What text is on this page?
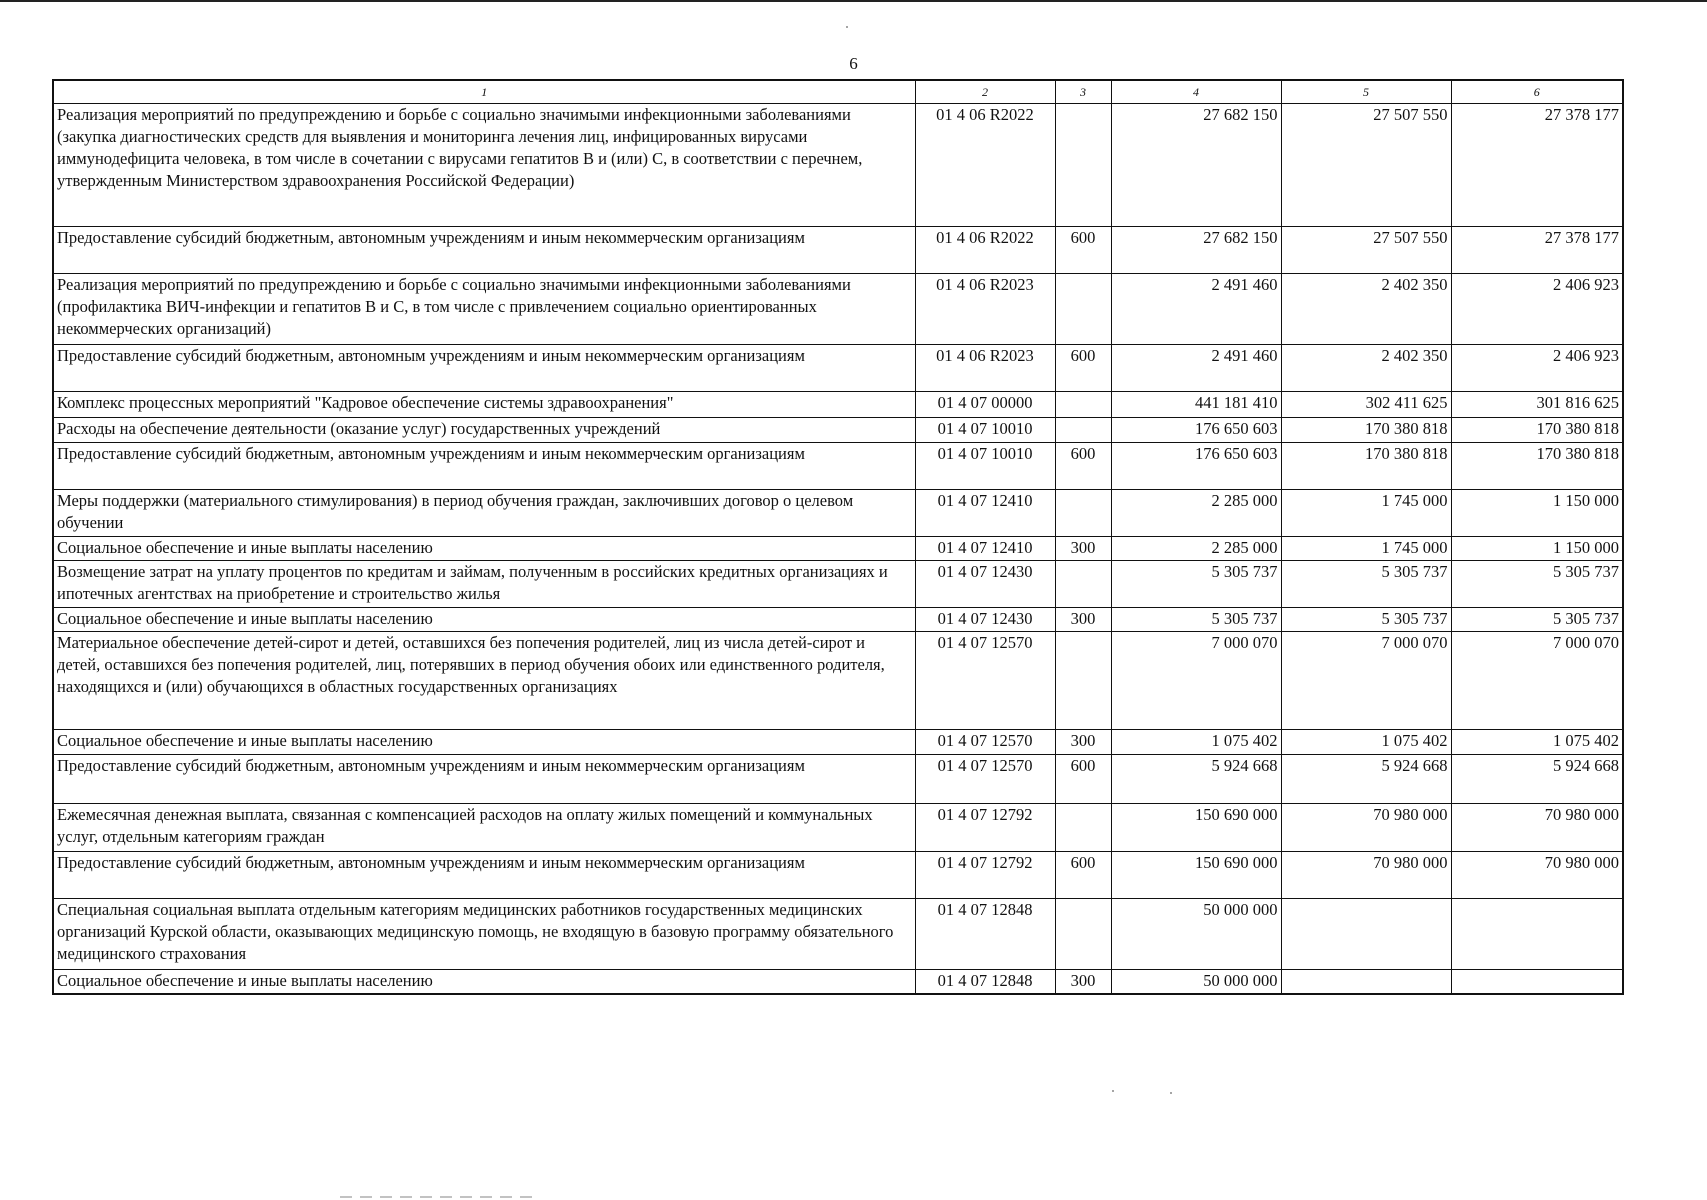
6
1	2	3	4	5	6
Реализация мероприятий по предупреждению и борьбе с социально значимыми инфекционными заболеваниями (закупка диагностических средств для выявления и мониторинга лечения лиц, инфицированных вирусами иммунодефицита человека, в том числе в сочетании с вирусами гепатитов В и (или) С, в соответствии с перечнем, утвержденным Министерством здравоохранения Российской Федерации)	01 4 06 R2022		27 682 150	27 507 550	27 378 177
Предоставление субсидий бюджетным, автономным учреждениям и иным некоммерческим организациям	01 4 06 R2022	600	27 682 150	27 507 550	27 378 177
Реализация мероприятий по предупреждению и борьбе с социально значимыми инфекционными заболеваниями (профилактика ВИЧ-инфекции и гепатитов В и С, в том числе с привлечением социально ориентированных некоммерческих организаций)	01 4 06 R2023		2 491 460	2 402 350	2 406 923
Предоставление субсидий бюджетным, автономным учреждениям и иным некоммерческим организациям	01 4 06 R2023	600	2 491 460	2 402 350	2 406 923
Комплекс процессных мероприятий "Кадровое обеспечение системы здравоохранения"	01 4 07 00000		441 181 410	302 411 625	301 816 625
Расходы на обеспечение деятельности (оказание услуг) государственных учреждений	01 4 07 10010		176 650 603	170 380 818	170 380 818
Предоставление субсидий бюджетным, автономным учреждениям и иным некоммерческим организациям	01 4 07 10010	600	176 650 603	170 380 818	170 380 818
Меры поддержки (материального стимулирования) в период обучения граждан, заключивших договор о целевом обучении	01 4 07 12410		2 285 000	1 745 000	1 150 000
Социальное обеспечение и иные выплаты населению	01 4 07 12410	300	2 285 000	1 745 000	1 150 000
Возмещение затрат на уплату процентов по кредитам и займам, полученным в российских кредитных организациях и ипотечных агентствах на приобретение и строительство жилья	01 4 07 12430		5 305 737	5 305 737	5 305 737
Социальное обеспечение и иные выплаты населению	01 4 07 12430	300	5 305 737	5 305 737	5 305 737
Материальное обеспечение детей-сирот и детей, оставшихся без попечения родителей, лиц из числа детей-сирот и детей, оставшихся без попечения родителей, лиц, потерявших в период обучения обоих или единственного родителя, находящихся и (или) обучающихся в областных государственных организациях	01 4 07 12570		7 000 070	7 000 070	7 000 070
Социальное обеспечение и иные выплаты населению	01 4 07 12570	300	1 075 402	1 075 402	1 075 402
Предоставление субсидий бюджетным, автономным учреждениям и иным некоммерческим организациям	01 4 07 12570	600	5 924 668	5 924 668	5 924 668
Ежемесячная денежная выплата, связанная с компенсацией расходов на оплату жилых помещений и коммунальных услуг, отдельным категориям граждан	01 4 07 12792		150 690 000	70 980 000	70 980 000
Предоставление субсидий бюджетным, автономным учреждениям и иным некоммерческим организациям	01 4 07 12792	600	150 690 000	70 980 000	70 980 000
Специальная социальная выплата отдельным категориям медицинских работников государственных медицинских организаций Курской области, оказывающих медицинскую помощь, не входящую в базовую программу обязательного медицинского страхования	01 4 07 12848		50 000 000		
Социальное обеспечение и иные выплаты населению	01 4 07 12848	300	50 000 000		
